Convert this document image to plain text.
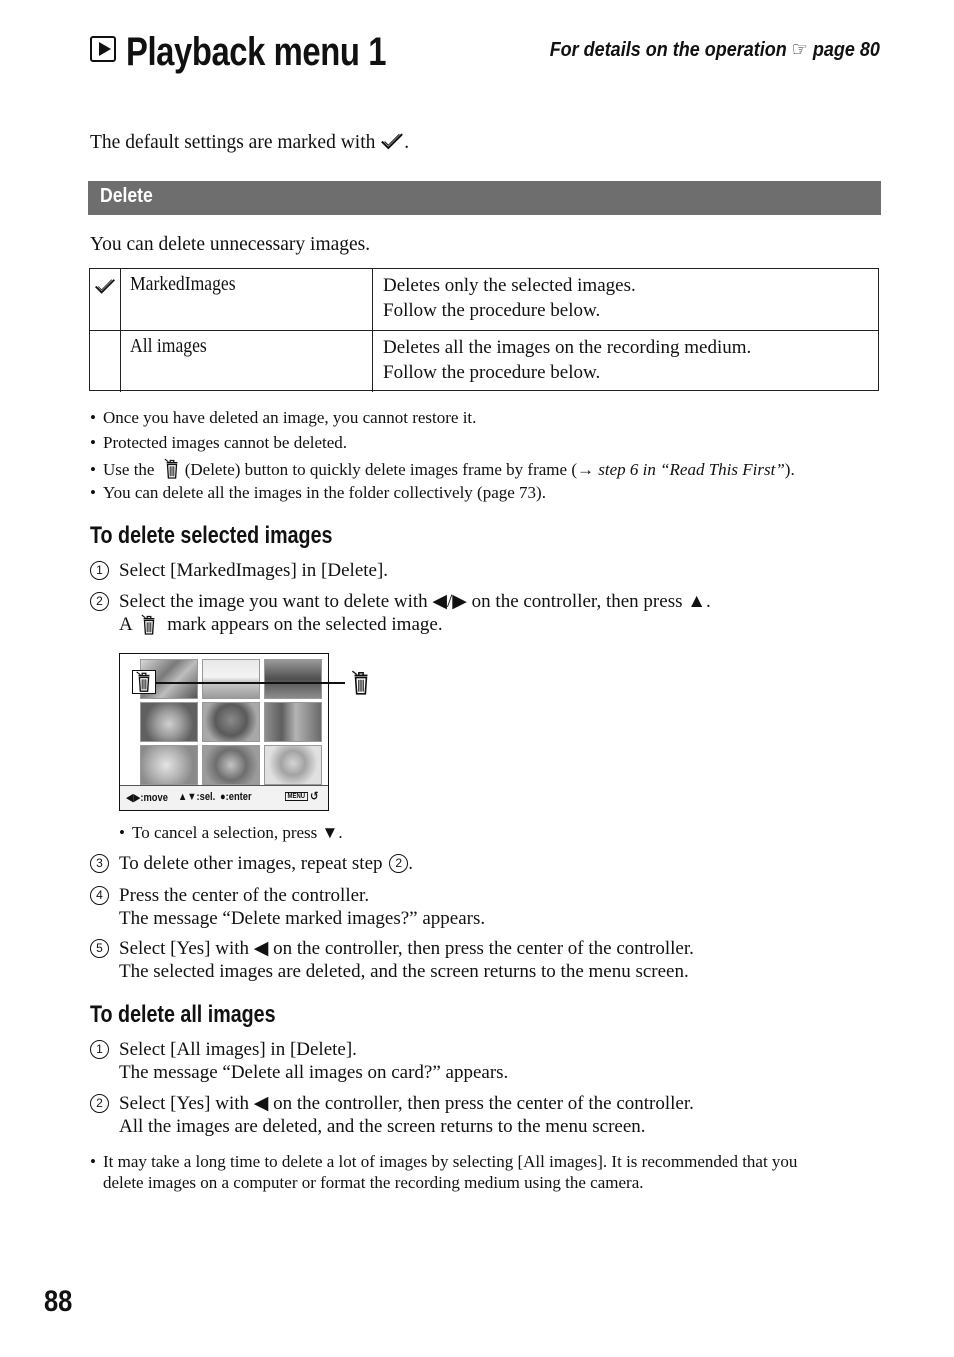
Playback menu 1	For details on the operation ☞ page 80
The default settings are marked with .
Delete
You can delete unnecessary images.
MarkedImages	Deletes only the selected images.
Follow the procedure below.
All images	Deletes all the images on the recording medium.
Follow the procedure below.
• Once you have deleted an image, you cannot restore it.
• Protected images cannot be deleted.
• Use the (Delete) button to quickly delete images frame by frame (→ step 6 in “Read This First”).
• You can delete all the images in the folder collectively (page 73).
To delete selected images
1 Select [MarkedImages] in [Delete].
2 Select the image you want to delete with ◀/▶ on the controller, then press ▲.
A mark appears on the selected image.
◀▶:move ▲▼:sel. ●:enter	MENU ↺
• To cancel a selection, press ▼.
3 To delete other images, repeat step 2 .
4 Press the center of the controller.
The message “Delete marked images?” appears.
5 Select [Yes] with ◀ on the controller, then press the center of the controller.
The selected images are deleted, and the screen returns to the menu screen.
To delete all images
1 Select [All images] in [Delete].
The message “Delete all images on card?” appears.
2 Select [Yes] with ◀ on the controller, then press the center of the controller.
All the images are deleted, and the screen returns to the menu screen.
• It may take a long time to delete a lot of images by selecting [All images]. It is recommended that you
delete images on a computer or format the recording medium using the camera.
88
